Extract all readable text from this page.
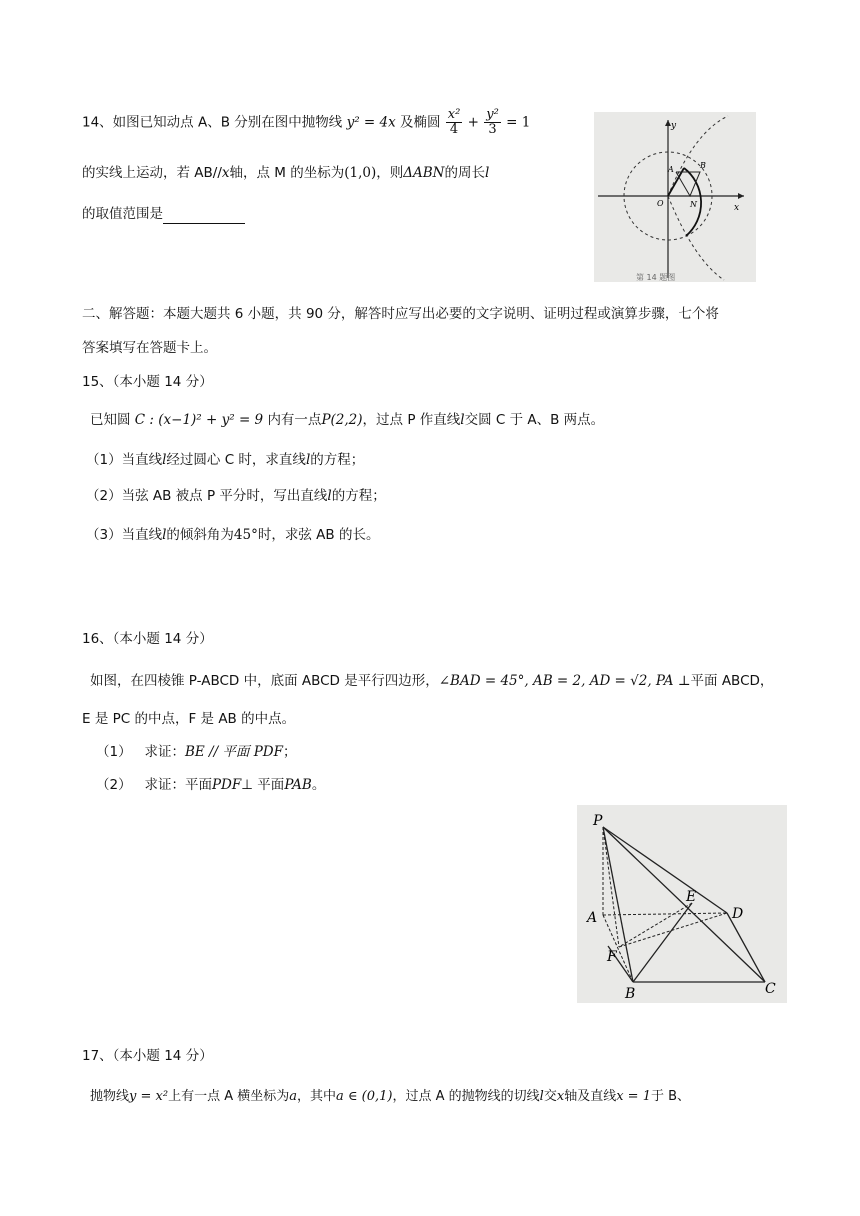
14、如图已知动点 A、B 分别在图中抛物线 y² = 4x 及椭圆 $\frac{\text{x²}}{4} + \frac{\text{y²}}{3} = 1$
的实线上运动，若 AB//x轴，点 M 的坐标为(1,0)，则ΔABN的周长l
的取值范围是
y
x
A	B
O	N
第 14 题图
二、解答题：本题大题共 6 小题，共 90 分，解答时应写出必要的文字说明、证明过程或演算步骤，七个将
答案填写在答题卡上。
15、（本小题 14 分）
已知圆 C : (x−1)² + y² = 9 内有一点P(2,2)，过点 P 作直线l交圆 C 于 A、B 两点。
（1）当直线l经过圆心 C 时，求直线l的方程；
（2）当弦 AB 被点 P 平分时，写出直线l的方程；
（3）当直线l的倾斜角为45°时，求弦 AB 的长。
16、（本小题 14 分）
如图，在四棱锥 P-ABCD 中，底面 ABCD 是平行四边形，∠BAD = 45°, AB = 2, AD = √2, PA ⊥平面 ABCD，
E 是 PC 的中点，F 是 AB 的中点。
（1） 求证：BE // 平面 PDF；
（2） 求证：平面PDF⊥ 平面PAB。
P
A
F
B	C
D
E
17、（本小题 14 分）
抛物线y = x²上有一点 A 横坐标为a，其中a ∈ (0,1)，过点 A 的抛物线的切线l交x轴及直线x = 1于 B、
